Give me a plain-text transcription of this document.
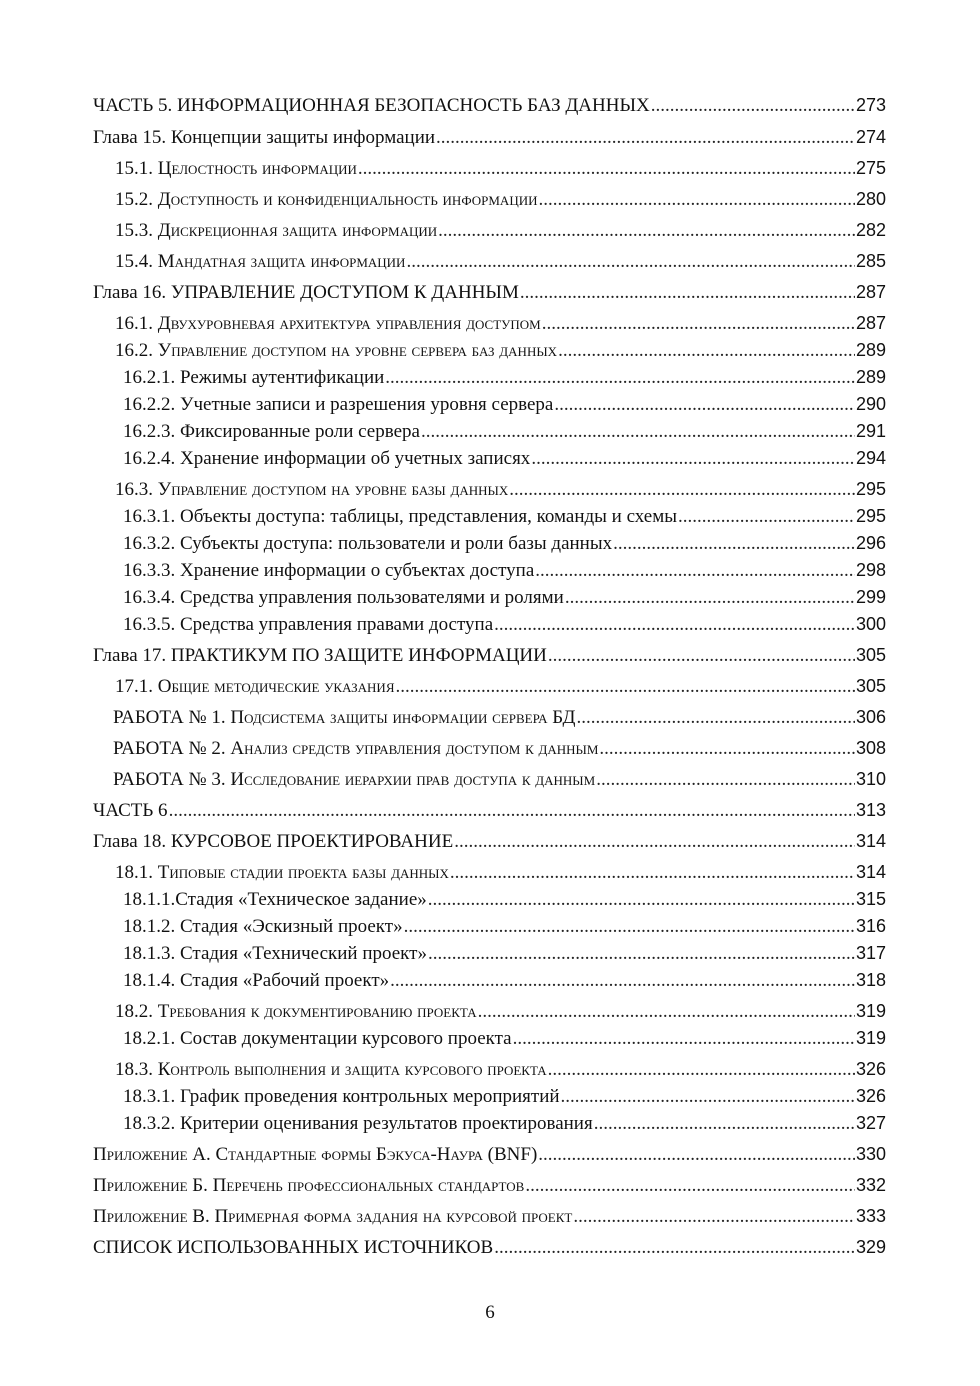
ЧАСТЬ 5. ИНФОРМАЦИОННАЯ БЕЗОПАСНОСТЬ БАЗ ДАННЫХ .....	273
Глава 15. Концепции защиты информации .....	274
15.1. Целостность информации .....	275
15.2. Доступность и конфиденциальность информации .....	280
15.3. Дискреционная защита информации .....	282
15.4. Мандатная защита информации .....	285
Глава 16. УПРАВЛЕНИЕ ДОСТУПОМ К ДАННЫМ .....	287
16.1. Двухуровневая архитектура управления доступом .....	287
16.2. Управление доступом на уровне сервера баз данных .....	289
16.2.1. Режимы аутентификации .....	289
16.2.2. Учетные записи и разрешения уровня сервера .....	290
16.2.3. Фиксированные роли сервера .....	291
16.2.4. Хранение информации об учетных записях .....	294
16.3. Управление доступом на уровне базы данных .....	295
16.3.1. Объекты доступа: таблицы, представления, команды и схемы .....	295
16.3.2. Субъекты доступа: пользователи и роли базы данных .....	296
16.3.3. Хранение информации о субъектах доступа .....	298
16.3.4. Средства управления пользователями и ролями .....	299
16.3.5. Средства управления правами доступа .....	300
Глава 17. ПРАКТИКУМ ПО ЗАЩИТЕ ИНФОРМАЦИИ .....	305
17.1. Общие методические указания .....	305
РАБОТА № 1. Подсистема защиты информации сервера БД .....	306
РАБОТА № 2. Анализ средств управления доступом к данным .....	308
РАБОТА № 3. Исследование иерархии прав доступа к данным .....	310
ЧАСТЬ 6 .....	313
Глава 18. КУРСОВОЕ ПРОЕКТИРОВАНИЕ .....	314
18.1. Типовые стадии проекта базы данных .....	314
18.1.1.Стадия «Техническое задание» .....	315
18.1.2. Стадия «Эскизный проект» .....	316
18.1.3. Стадия «Технический проект» .....	317
18.1.4. Стадия «Рабочий проект» .....	318
18.2. Требования к документированию проекта .....	319
18.2.1. Состав документации курсового проекта .....	319
18.3. Контроль выполнения и защита курсового проекта .....	326
18.3.1. График проведения контрольных мероприятий .....	326
18.3.2. Критерии оценивания результатов проектирования .....	327
Приложение А. Стандартные формы Бэкуса-Наура (BNF) .....	330
Приложение Б. Перечень профессиональных стандартов .....	332
Приложение В. Примерная форма задания на курсовой проект .....	333
СПИСОК ИСПОЛЬЗОВАННЫХ ИСТОЧНИКОВ .....	329
6
